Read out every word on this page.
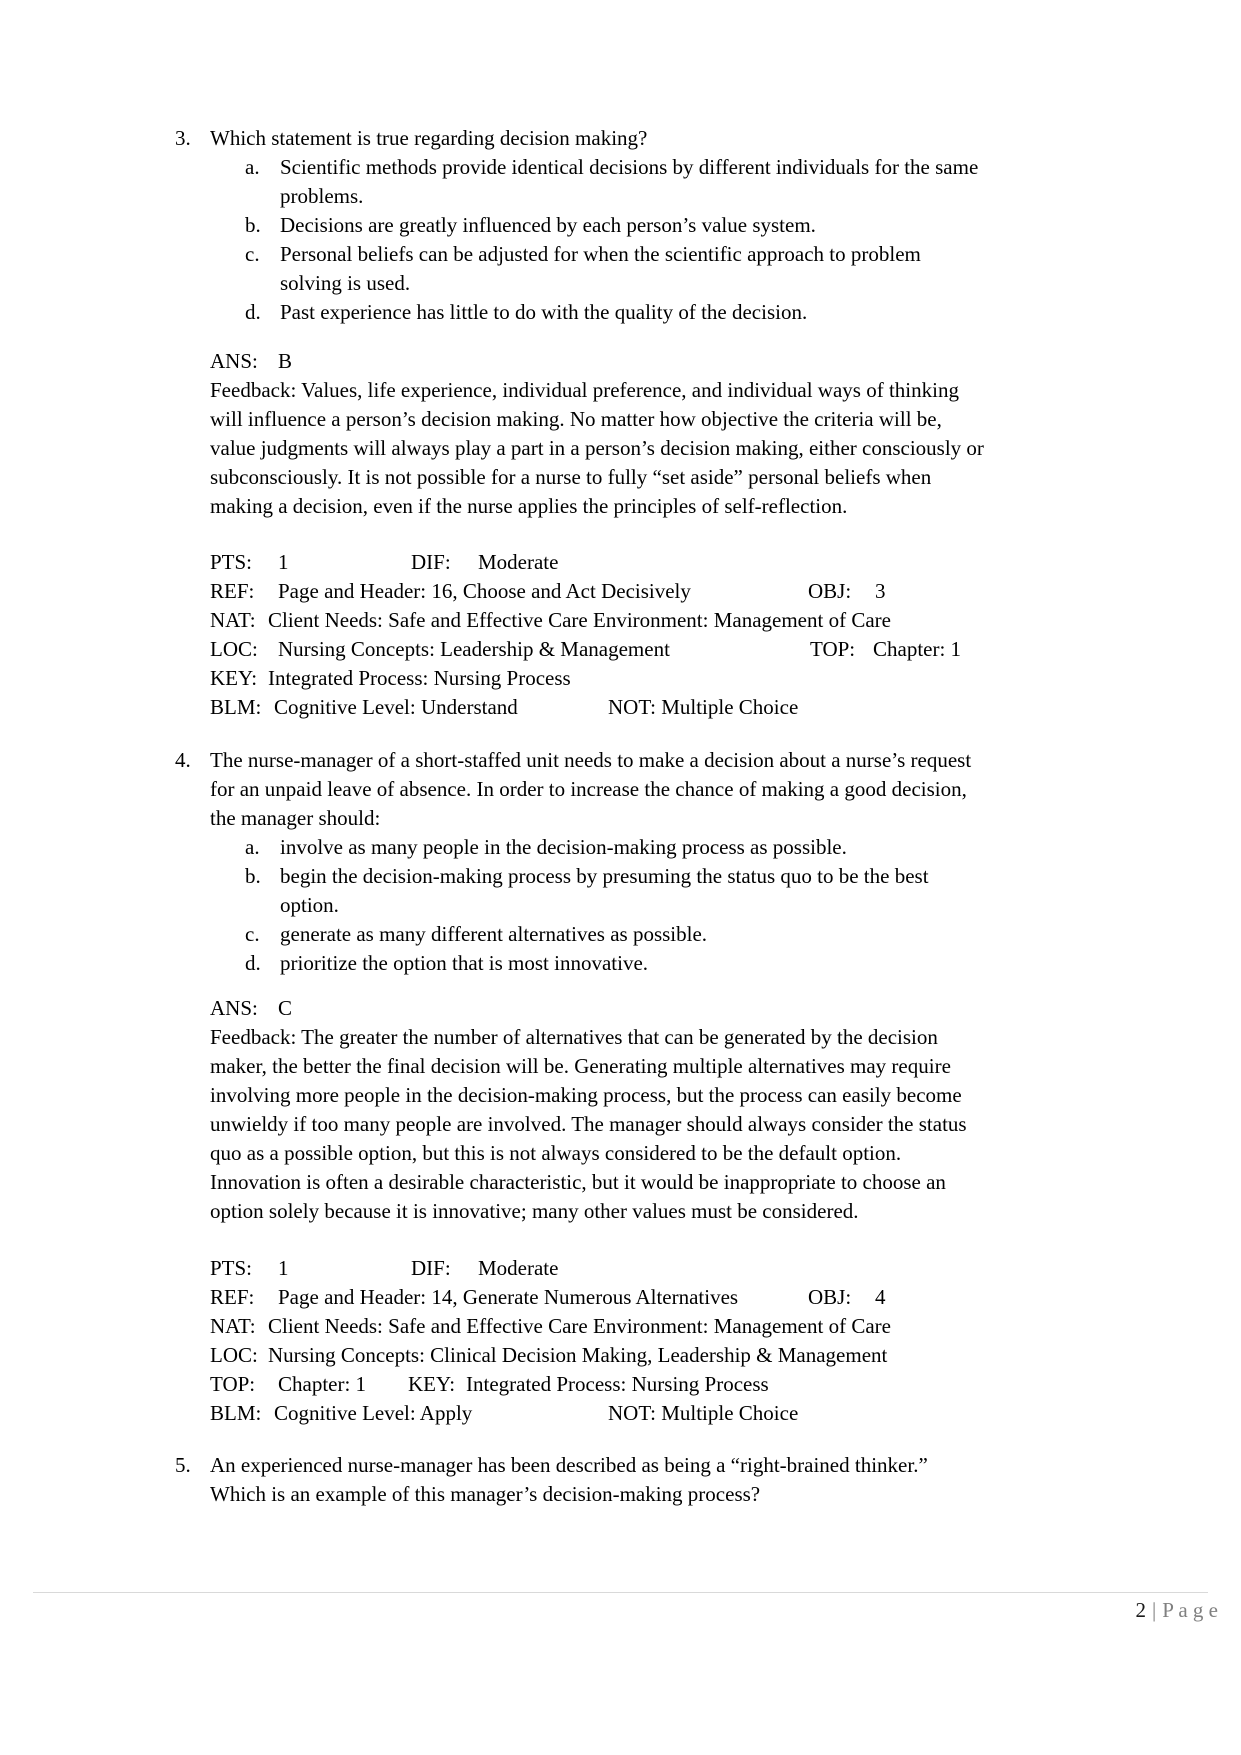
3. Which statement is true regarding decision making?
a. Scientific methods provide identical decisions by different individuals for the same
problems.
b. Decisions are greatly influenced by each person’s value system.
c. Personal beliefs can be adjusted for when the scientific approach to problem
solving is used.
d. Past experience has little to do with the quality of the decision.
ANS: B
Feedback: Values, life experience, individual preference, and individual ways of thinking
will influence a person’s decision making. No matter how objective the criteria will be,
value judgments will always play a part in a person’s decision making, either consciously or
subconsciously. It is not possible for a nurse to fully “set aside” personal beliefs when
making a decision, even if the nurse applies the principles of self-reflection.
PTS: 1	DIF: Moderate
REF: Page and Header: 16, Choose and Act Decisively	OBJ: 3
NAT: Client Needs: Safe and Effective Care Environment: Management of Care
LOC: Nursing Concepts: Leadership & Management	TOP: Chapter: 1
KEY: Integrated Process: Nursing Process
BLM: Cognitive Level: Understand	NOT: Multiple Choice
4. The nurse-manager of a short-staffed unit needs to make a decision about a nurse’s request
for an unpaid leave of absence. In order to increase the chance of making a good decision,
the manager should:
a. involve as many people in the decision-making process as possible.
b. begin the decision-making process by presuming the status quo to be the best
option.
c. generate as many different alternatives as possible.
d. prioritize the option that is most innovative.
ANS: C
Feedback: The greater the number of alternatives that can be generated by the decision
maker, the better the final decision will be. Generating multiple alternatives may require
involving more people in the decision-making process, but the process can easily become
unwieldy if too many people are involved. The manager should always consider the status
quo as a possible option, but this is not always considered to be the default option.
Innovation is often a desirable characteristic, but it would be inappropriate to choose an
option solely because it is innovative; many other values must be considered.
PTS: 1	DIF: Moderate
REF: Page and Header: 14, Generate Numerous Alternatives	OBJ: 4
NAT: Client Needs: Safe and Effective Care Environment: Management of Care
LOC: Nursing Concepts: Clinical Decision Making, Leadership & Management
TOP: Chapter: 1 KEY: Integrated Process: Nursing Process
BLM: Cognitive Level: Apply	NOT: Multiple Choice
5. An experienced nurse-manager has been described as being a “right-brained thinker.”
Which is an example of this manager’s decision-making process?
2 | P a g e
